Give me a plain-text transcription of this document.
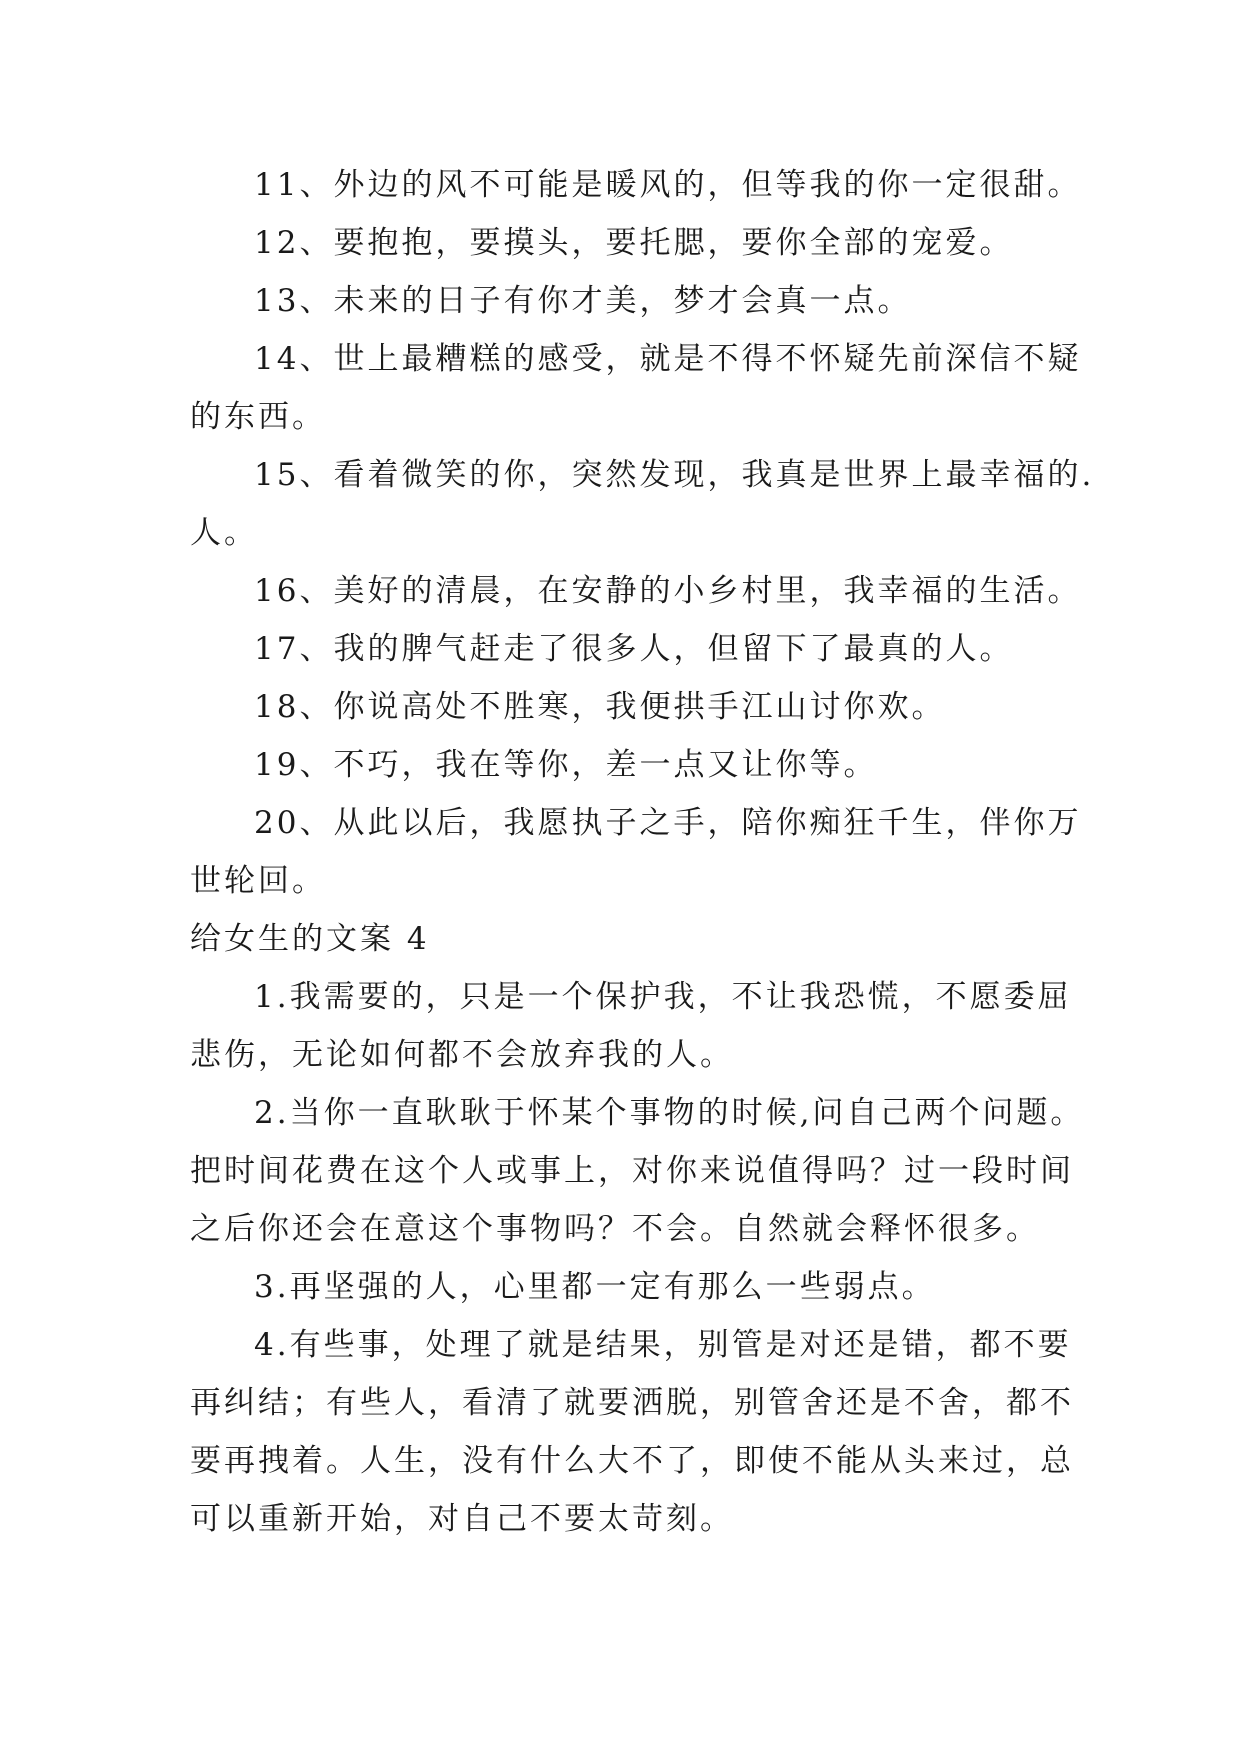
11、外边的风不可能是暖风的，但等我的你一定很甜。
12、要抱抱，要摸头，要托腮，要你全部的宠爱。
13、未来的日子有你才美，梦才会真一点。
14、世上最糟糕的感受，就是不得不怀疑先前深信不疑
的东西。
15、看着微笑的你，突然发现，我真是世界上最幸福的.
人。
16、美好的清晨，在安静的小乡村里，我幸福的生活。
17、我的脾气赶走了很多人，但留下了最真的人。
18、你说高处不胜寒，我便拱手江山讨你欢。
19、不巧，我在等你，差一点又让你等。
20、从此以后，我愿执子之手，陪你痴狂千生，伴你万
世轮回。
给女生的文案 4
1.我需要的，只是一个保护我，不让我恐慌，不愿委屈
悲伤，无论如何都不会放弃我的人。
2.当你一直耿耿于怀某个事物的时候,问自己两个问题。
把时间花费在这个人或事上，对你来说值得吗？过一段时间
之后你还会在意这个事物吗？不会。自然就会释怀很多。
3.再坚强的人，心里都一定有那么一些弱点。
4.有些事，处理了就是结果，别管是对还是错，都不要
再纠结；有些人，看清了就要洒脱，别管舍还是不舍，都不
要再拽着。人生，没有什么大不了，即使不能从头来过，总
可以重新开始，对自己不要太苛刻。
